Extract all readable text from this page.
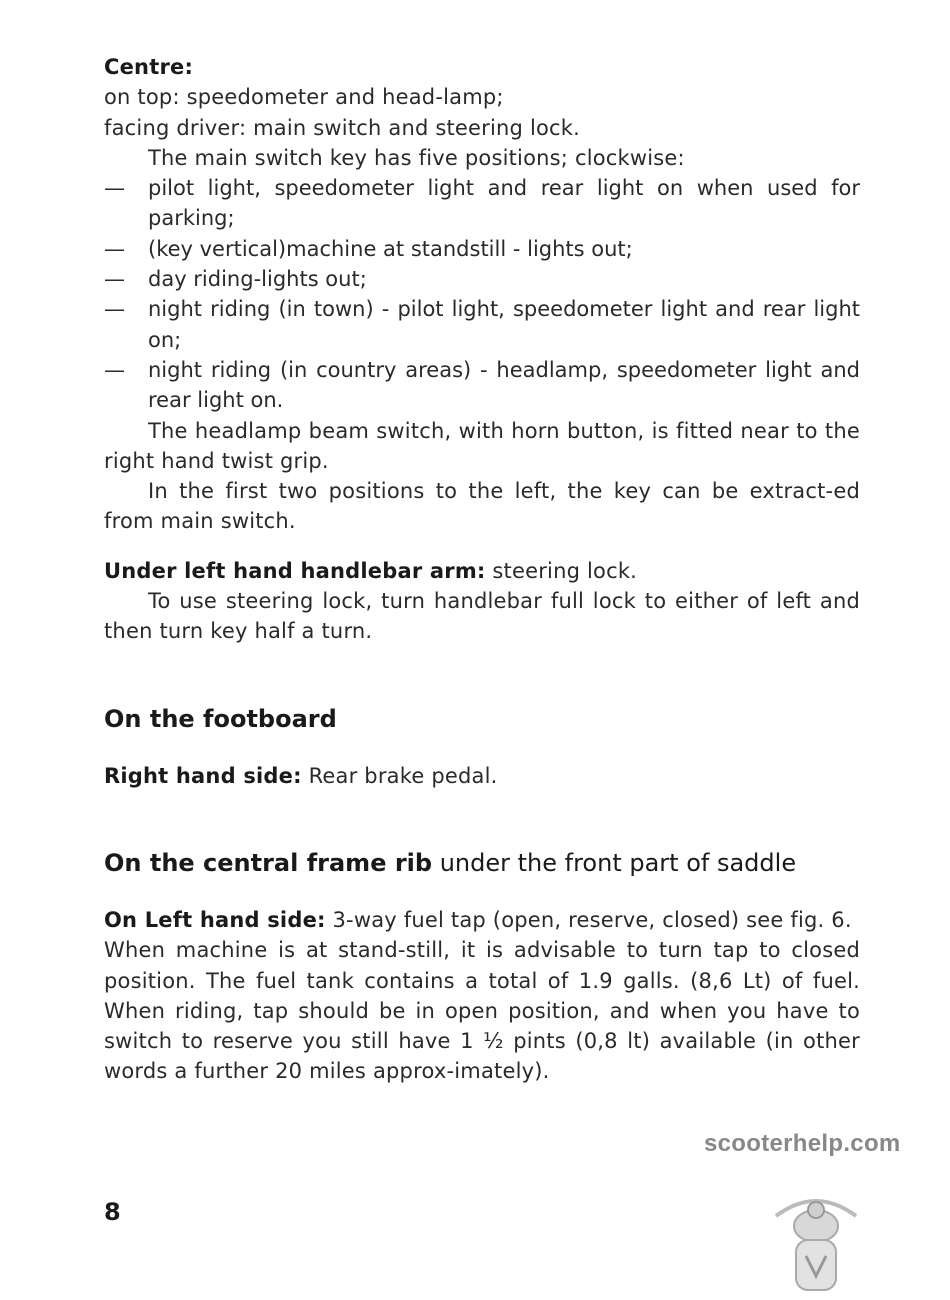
Centre:

on top: speedometer and head-lamp;

facing driver: main switch and steering lock.

The main switch key has five positions; clockwise:

— pilot light, speedometer light and rear light on when used for parking;
— (key vertical)machine at standstill - lights out;
— day riding-lights out;
— night riding (in town) - pilot light, speedometer light and rear light on;
— night riding (in country areas) - headlamp, speedometer light and rear light on.

The headlamp beam switch, with horn button, is fitted near to the right hand twist grip.

In the first two positions to the left, the key can be extract-ed from main switch.

Under left hand handlebar arm: steering lock.

To use steering lock, turn handlebar full lock to either of left and then turn key half a turn.

On the footboard

Right hand side: Rear brake pedal.

On the central frame rib under the front part of saddle

On Left hand side: 3-way fuel tap (open, reserve, closed) see fig. 6.

When machine is at stand-still, it is advisable to turn tap to closed position. The fuel tank contains a total of 1.9 galls. (8,6 Lt) of fuel. When riding, tap should be in open position, and when you have to switch to reserve you still have 1 ½ pints (0,8 lt) available (in other words a further 20 miles approx-imately).

8
scooterhelp.com
